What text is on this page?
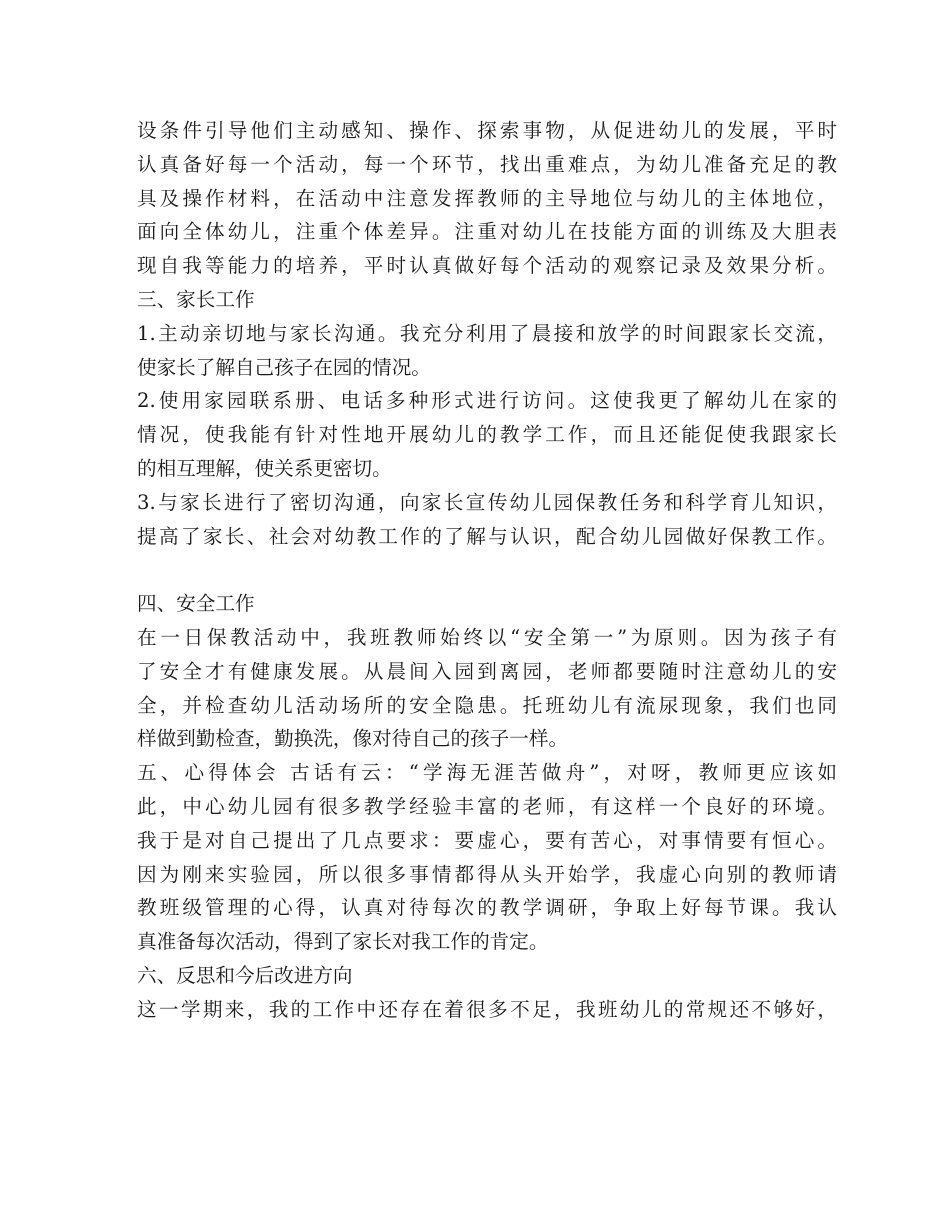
设条件引导他们主动感知、操作、探索事物，从促进幼儿的发展，平时
认真备好每一个活动，每一个环节，找出重难点，为幼儿准备充足的教
具及操作材料，在活动中注意发挥教师的主导地位与幼儿的主体地位，
面向全体幼儿，注重个体差异。注重对幼儿在技能方面的训练及大胆表
现自我等能力的培养，平时认真做好每个活动的观察记录及效果分析。
三、家长工作
1.主动亲切地与家长沟通。我充分利用了晨接和放学的时间跟家长交流，
使家长了解自己孩子在园的情况。
2.使用家园联系册、电话多种形式进行访问。这使我更了解幼儿在家的
情况，使我能有针对性地开展幼儿的教学工作，而且还能促使我跟家长
的相互理解，使关系更密切。
3.与家长进行了密切沟通，向家长宣传幼儿园保教任务和科学育儿知识，
提高了家长、社会对幼教工作的了解与认识，配合幼儿园做好保教工作。
四、安全工作
在一日保教活动中，我班教师始终以“安全第一”为原则。因为孩子有
了安全才有健康发展。从晨间入园到离园，老师都要随时注意幼儿的安
全，并检查幼儿活动场所的安全隐患。托班幼儿有流尿现象，我们也同
样做到勤检查，勤换洗，像对待自己的孩子一样。
五、心得体会 古话有云：“学海无涯苦做舟”，对呀，教师更应该如
此，中心幼儿园有很多教学经验丰富的老师，有这样一个良好的环境。
我于是对自己提出了几点要求：要虚心，要有苦心，对事情要有恒心。
因为刚来实验园，所以很多事情都得从头开始学，我虚心向别的教师请
教班级管理的心得，认真对待每次的教学调研，争取上好每节课。我认
真准备每次活动，得到了家长对我工作的肯定。
六、反思和今后改进方向
这一学期来，我的工作中还存在着很多不足，我班幼儿的常规还不够好，
